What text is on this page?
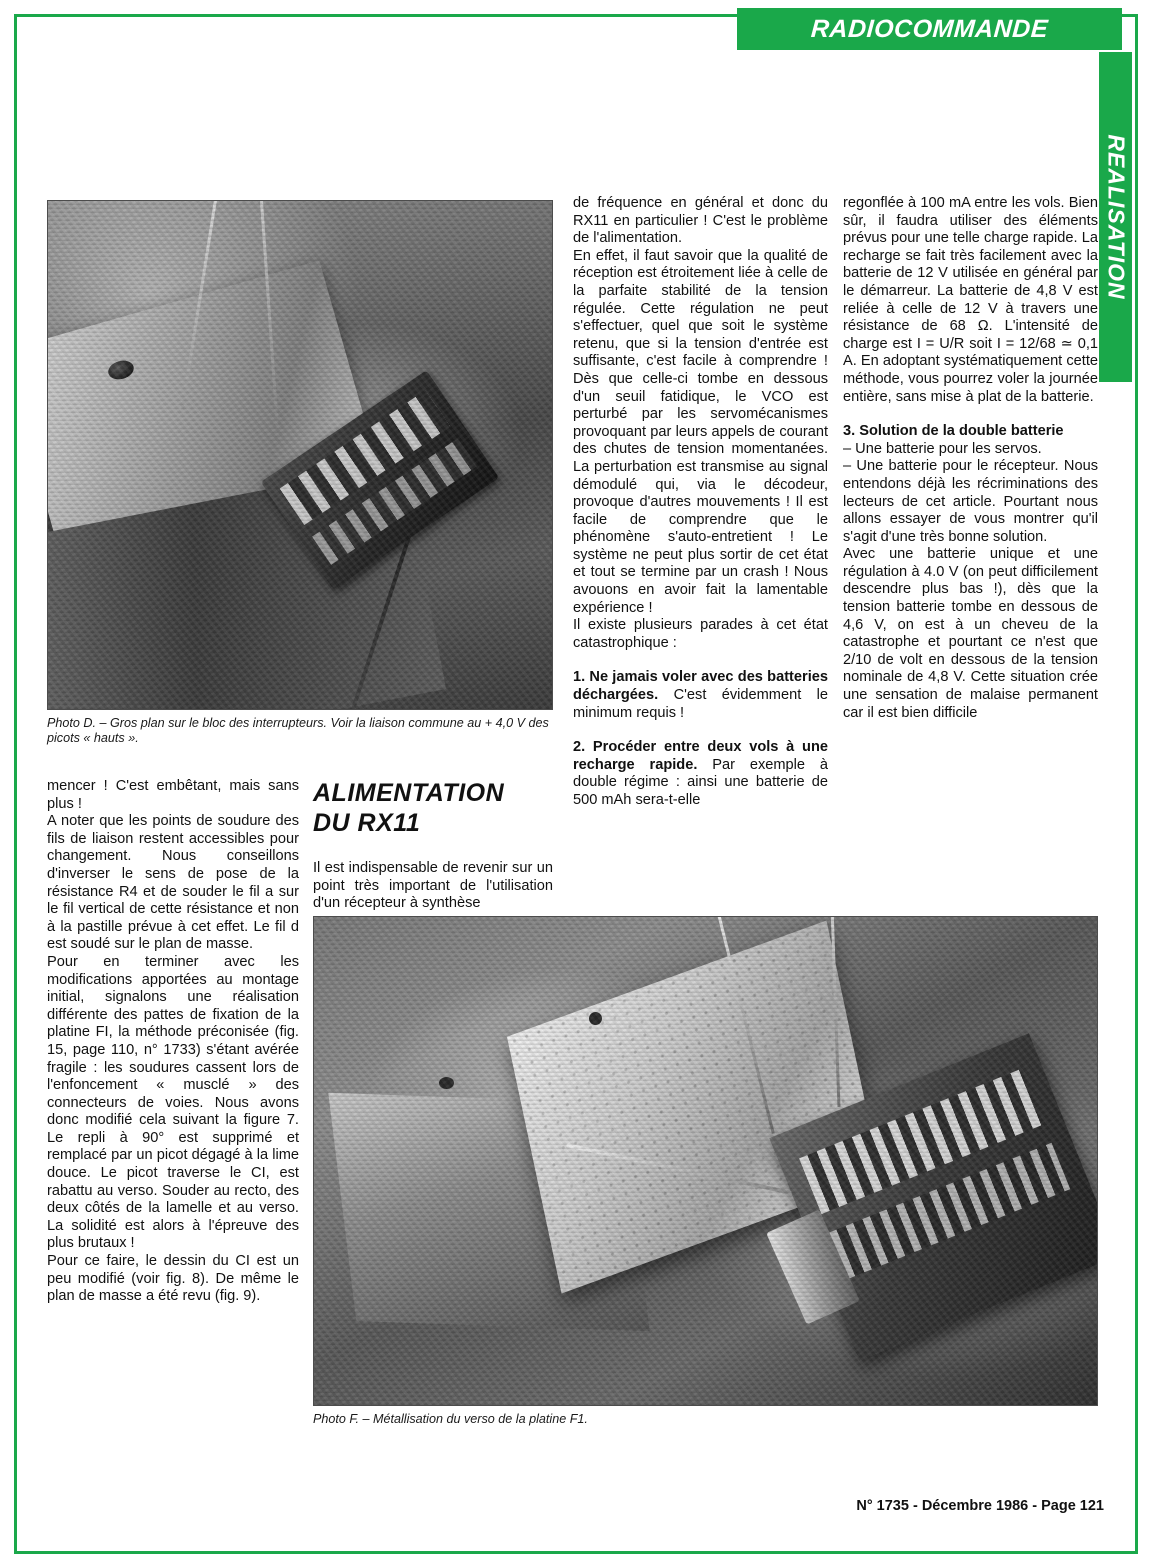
RADIOCOMMANDE
REALISATION
Photo D. – Gros plan sur le bloc des interrupteurs. Voir la liaison commune au + 4,0 V des picots « hauts ».

mencer ! C'est embêtant, mais sans plus !

A noter que les points de soudure des fils de liaison restent accessibles pour changement. Nous conseillons d'inverser le sens de pose de la résistance R4 et de souder le fil a sur le fil vertical de cette résistance et non à la pastille prévue à cet effet. Le fil d est soudé sur le plan de masse.

Pour en terminer avec les modifications apportées au montage initial, signalons une réalisation différente des pattes de fixation de la platine FI, la méthode préconisée (fig. 15, page 110, n° 1733) s'étant avérée fragile : les soudures cassent lors de l'enfoncement « musclé » des connecteurs de voies. Nous avons donc modifié cela suivant la figure 7. Le repli à 90° est supprimé et remplacé par un picot dégagé à la lime douce. Le picot traverse le CI, est rabattu au verso. Souder au recto, des deux côtés de la lamelle et au verso. La solidité est alors à l'épreuve des plus brutaux !

Pour ce faire, le dessin du CI est un peu modifié (voir fig. 8). De même le plan de masse a été revu (fig. 9).

ALIMENTATION
DU RX11
Il est indispensable de revenir sur un point très important de l'utilisation d'un récepteur à synthèse

de fréquence en général et donc du RX11 en particulier ! C'est le problème de l'alimentation.

En effet, il faut savoir que la qualité de réception est étroitement liée à celle de la parfaite stabilité de la tension régulée. Cette régulation ne peut s'effectuer, quel que soit le système retenu, que si la tension d'entrée est suffisante, c'est facile à comprendre ! Dès que celle-ci tombe en dessous d'un seuil fatidique, le VCO est perturbé par les servomécanismes provoquant par leurs appels de courant des chutes de tension momentanées. La perturbation est transmise au signal démodulé qui, via le décodeur, provoque d'autres mouvements ! Il est facile de comprendre que le phénomène s'auto-entretient ! Le système ne peut plus sortir de cet état et tout se termine par un crash ! Nous avouons en avoir fait la lamentable expérience !

Il existe plusieurs parades à cet état catastrophique :

1. Ne jamais voler avec des batteries déchargées. C'est évidemment le minimum requis !

2. Procéder entre deux vols à une recharge rapide. Par exemple à double régime : ainsi une batterie de 500 mAh sera-t-elle

regonflée à 100 mA entre les vols. Bien sûr, il faudra utiliser des éléments prévus pour une telle charge rapide. La recharge se fait très facilement avec la batterie de 12 V utilisée en général par le démarreur. La batterie de 4,8 V est reliée à celle de 12 V à travers une résistance de 68 Ω. L'intensité de charge est I = U/R soit I = 12/68 ≃ 0,1 A. En adoptant systématiquement cette méthode, vous pourrez voler la journée entière, sans mise à plat de la batterie.

3. Solution de la double batterie

– Une batterie pour les servos.

– Une batterie pour le récepteur. Nous entendons déjà les récriminations des lecteurs de cet article. Pourtant nous allons essayer de vous montrer qu'il s'agit d'une très bonne solution.

Avec une batterie unique et une régulation à 4.0 V (on peut difficilement descendre plus bas !), dès que la tension batterie tombe en dessous de 4,6 V, on est à un cheveu de la catastrophe et pourtant ce n'est que 2/10 de volt en dessous de la tension nominale de 4,8 V. Cette situation crée une sensation de malaise permanent car il est bien difficile

Photo F. – Métallisation du verso de la platine F1.
N° 1735 - Décembre 1986 - Page 121
